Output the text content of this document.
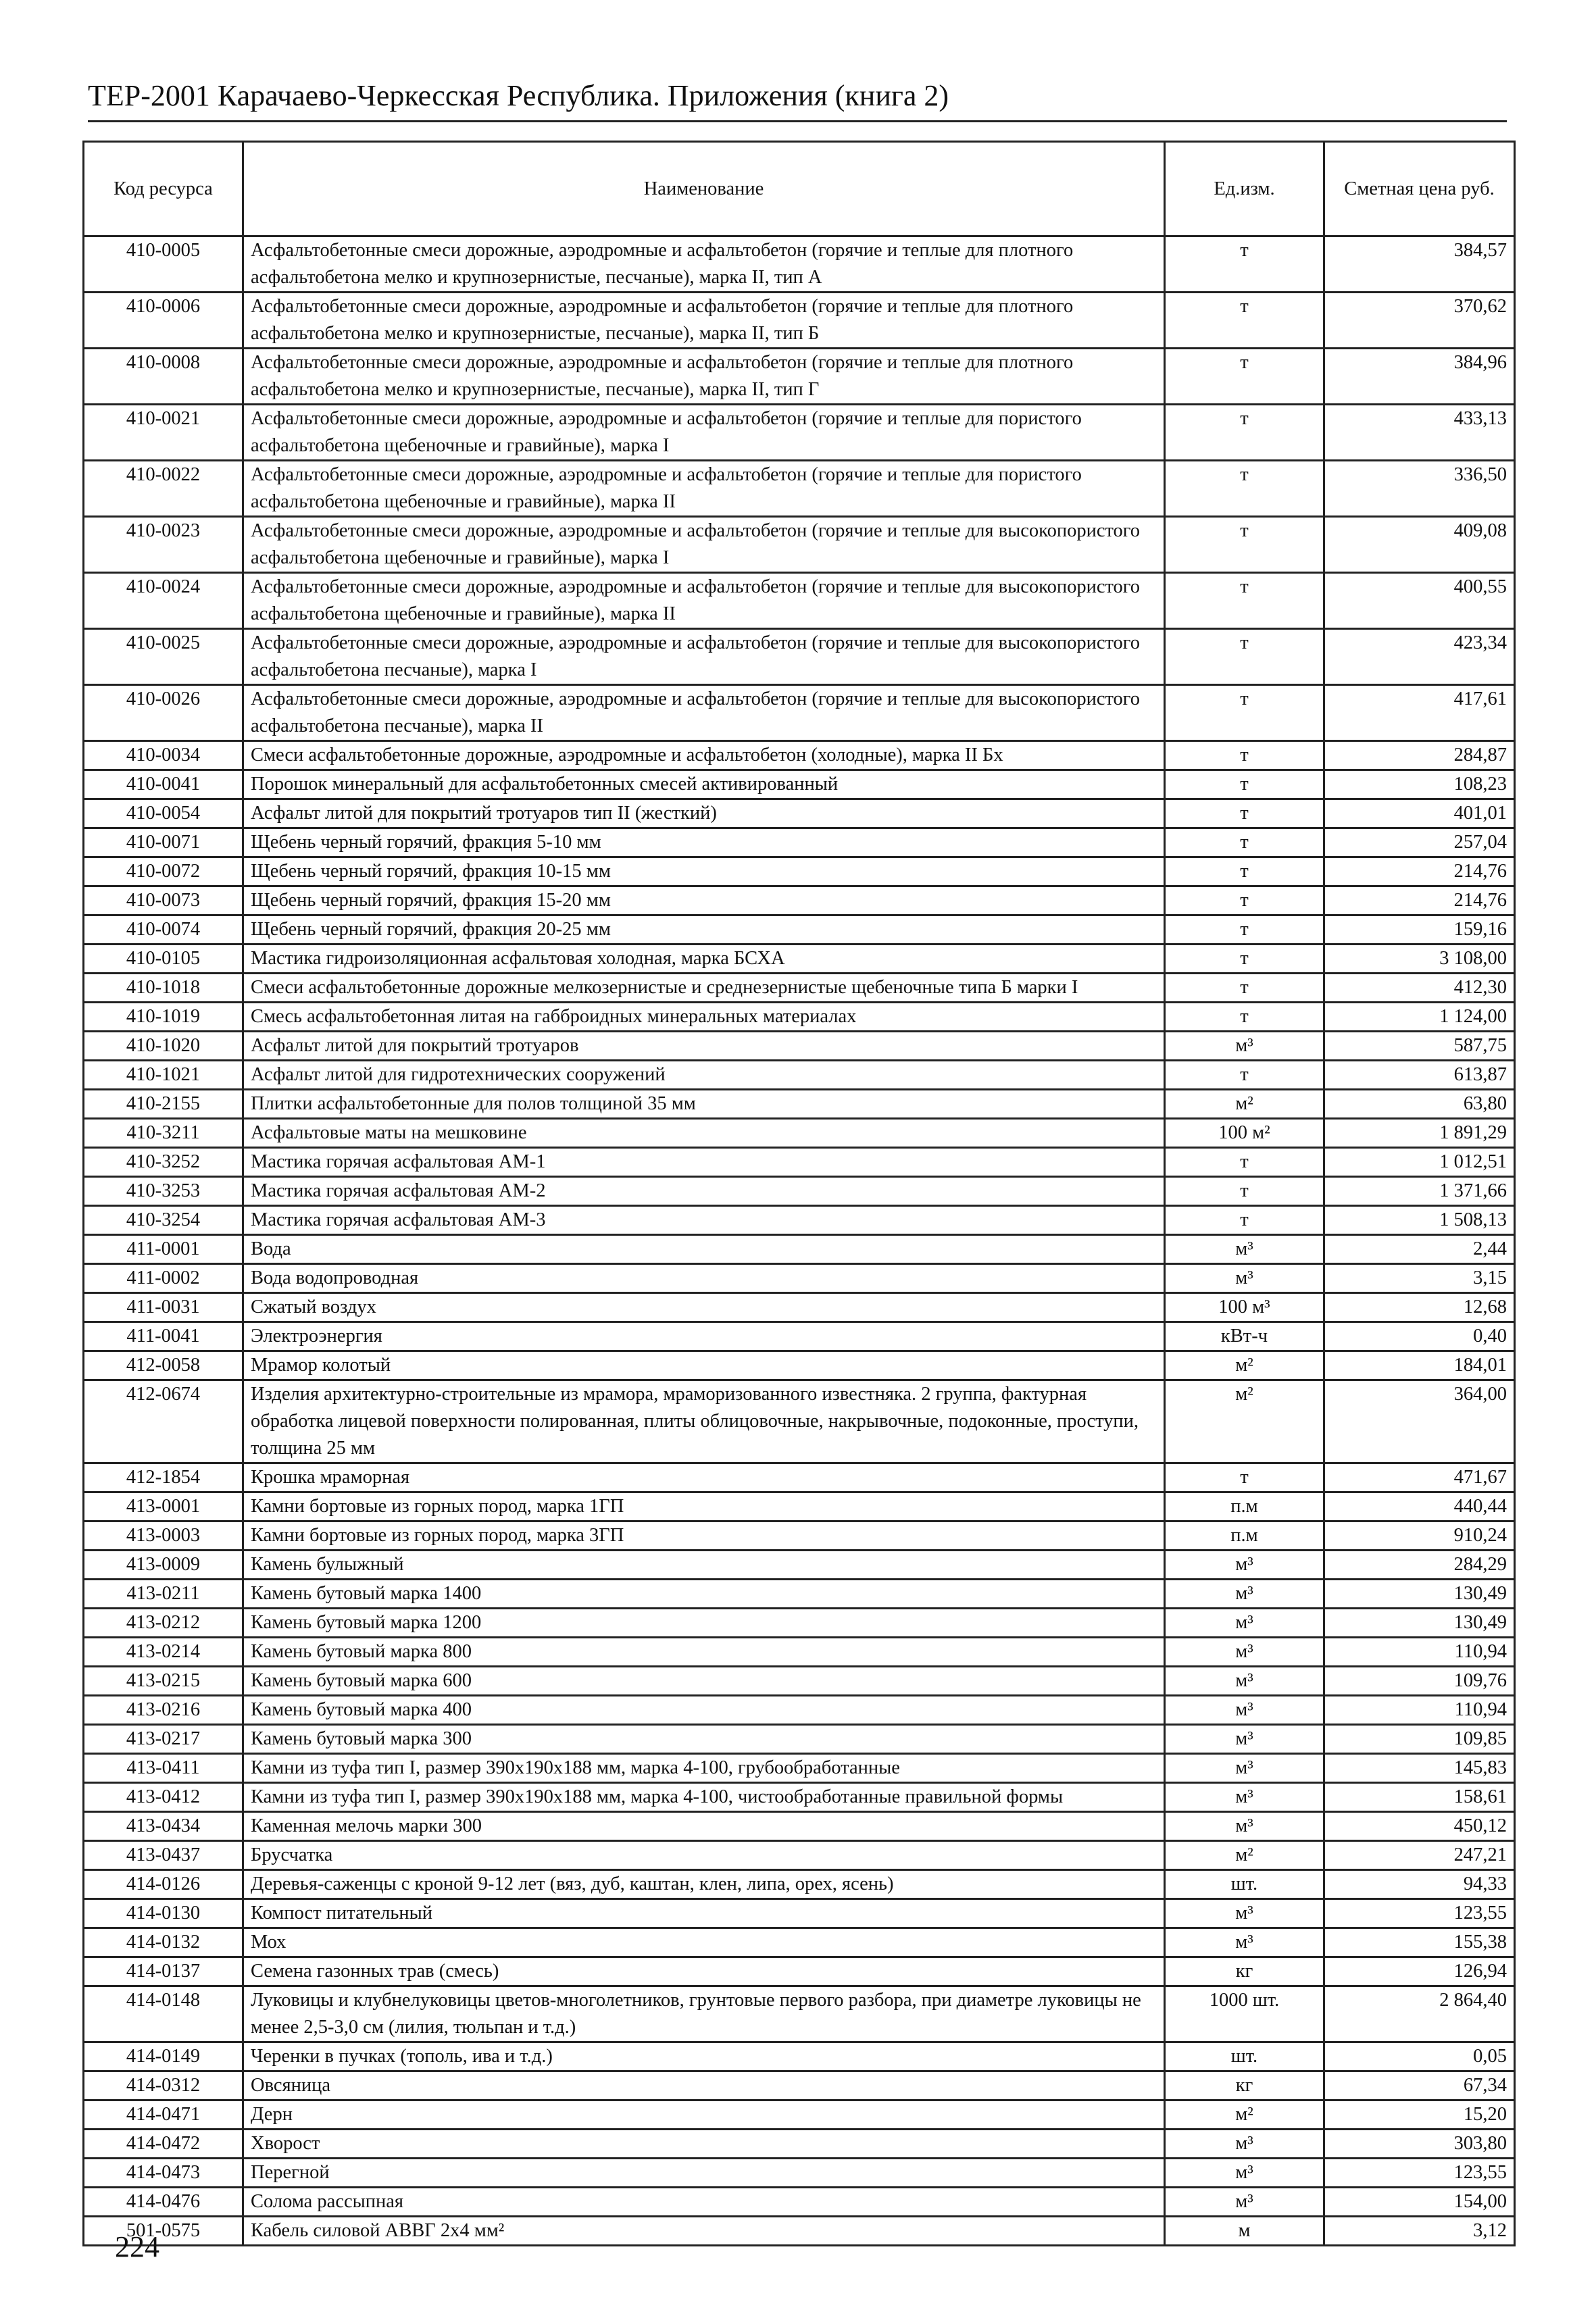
ТЕР-2001 Карачаево-Черкесская Республика. Приложения (книга 2)
Код ресурса	Наименование	Ед.изм.	Сметная цена руб.
410-0005	Асфальтобетонные смеси дорожные, аэродромные и асфальтобетон (горячие и теплые для плотного асфальтобетона мелко и крупнозернистые, песчаные), марка II, тип А	т	384,57
410-0006	Асфальтобетонные смеси дорожные, аэродромные и асфальтобетон (горячие и теплые для плотного асфальтобетона мелко и крупнозернистые, песчаные), марка II, тип Б	т	370,62
410-0008	Асфальтобетонные смеси дорожные, аэродромные и асфальтобетон (горячие и теплые для плотного асфальтобетона мелко и крупнозернистые, песчаные), марка II, тип Г	т	384,96
410-0021	Асфальтобетонные смеси дорожные, аэродромные и асфальтобетон (горячие и теплые для пористого асфальтобетона щебеночные и гравийные), марка I	т	433,13
410-0022	Асфальтобетонные смеси дорожные, аэродромные и асфальтобетон (горячие и теплые для пористого асфальтобетона щебеночные и гравийные), марка II	т	336,50
410-0023	Асфальтобетонные смеси дорожные, аэродромные и асфальтобетон (горячие и теплые для высокопористого асфальтобетона щебеночные и гравийные), марка I	т	409,08
410-0024	Асфальтобетонные смеси дорожные, аэродромные и асфальтобетон (горячие и теплые для высокопористого асфальтобетона щебеночные и гравийные), марка II	т	400,55
410-0025	Асфальтобетонные смеси дорожные, аэродромные и асфальтобетон (горячие и теплые для высокопористого асфальтобетона песчаные), марка I	т	423,34
410-0026	Асфальтобетонные смеси дорожные, аэродромные и асфальтобетон (горячие и теплые для высокопористого асфальтобетона песчаные), марка II	т	417,61
410-0034	Смеси асфальтобетонные дорожные, аэродромные и асфальтобетон (холодные), марка II Бх	т	284,87
410-0041	Порошок минеральный для асфальтобетонных смесей активированный	т	108,23
410-0054	Асфальт литой для покрытий тротуаров тип II (жесткий)	т	401,01
410-0071	Щебень черный горячий, фракция 5-10 мм	т	257,04
410-0072	Щебень черный горячий, фракция 10-15 мм	т	214,76
410-0073	Щебень черный горячий, фракция 15-20 мм	т	214,76
410-0074	Щебень черный горячий, фракция 20-25 мм	т	159,16
410-0105	Мастика гидроизоляционная асфальтовая холодная, марка БСХА	т	3 108,00
410-1018	Смеси асфальтобетонные дорожные мелкозернистые и среднезернистые щебеночные типа Б марки I	т	412,30
410-1019	Смесь асфальтобетонная литая на габброидных минеральных материалах	т	1 124,00
410-1020	Асфальт литой для покрытий тротуаров	м³	587,75
410-1021	Асфальт литой для гидротехнических сооружений	т	613,87
410-2155	Плитки асфальтобетонные для полов толщиной 35 мм	м²	63,80
410-3211	Асфальтовые маты на мешковине	100 м²	1 891,29
410-3252	Мастика горячая асфальтовая АМ-1	т	1 012,51
410-3253	Мастика горячая асфальтовая АМ-2	т	1 371,66
410-3254	Мастика горячая асфальтовая АМ-3	т	1 508,13
411-0001	Вода	м³	2,44
411-0002	Вода водопроводная	м³	3,15
411-0031	Сжатый воздух	100 м³	12,68
411-0041	Электроэнергия	кВт-ч	0,40
412-0058	Мрамор колотый	м²	184,01
412-0674	Изделия архитектурно-строительные из мрамора, мраморизованного известняка. 2 группа, фактурная обработка лицевой поверхности полированная, плиты облицовочные, накрывочные, подоконные, проступи, толщина 25 мм	м²	364,00
412-1854	Крошка мраморная	т	471,67
413-0001	Камни бортовые из горных пород, марка 1ГП	п.м	440,44
413-0003	Камни бортовые из горных пород, марка 3ГП	п.м	910,24
413-0009	Камень булыжный	м³	284,29
413-0211	Камень бутовый марка 1400	м³	130,49
413-0212	Камень бутовый марка 1200	м³	130,49
413-0214	Камень бутовый марка 800	м³	110,94
413-0215	Камень бутовый марка 600	м³	109,76
413-0216	Камень бутовый марка 400	м³	110,94
413-0217	Камень бутовый марка 300	м³	109,85
413-0411	Камни из туфа тип I, размер 390х190х188 мм, марка 4-100, грубообработанные	м³	145,83
413-0412	Камни из туфа тип I, размер 390х190х188 мм, марка 4-100, чистообработанные правильной формы	м³	158,61
413-0434	Каменная мелочь марки 300	м³	450,12
413-0437	Брусчатка	м²	247,21
414-0126	Деревья-саженцы с кроной 9-12 лет (вяз, дуб, каштан, клен, липа, орех, ясень)	шт.	94,33
414-0130	Компост питательный	м³	123,55
414-0132	Мох	м³	155,38
414-0137	Семена газонных трав (смесь)	кг	126,94
414-0148	Луковицы и клубнелуковицы цветов-многолетников, грунтовые первого разбора, при диаметре луковицы не менее 2,5-3,0 см (лилия, тюльпан и т.д.)	1000 шт.	2 864,40
414-0149	Черенки в пучках (тополь, ива и т.д.)	шт.	0,05
414-0312	Овсяница	кг	67,34
414-0471	Дерн	м²	15,20
414-0472	Хворост	м³	303,80
414-0473	Перегной	м³	123,55
414-0476	Солома рассыпная	м³	154,00
501-0575	Кабель силовой АВВГ 2х4 мм²	м	3,12
224
